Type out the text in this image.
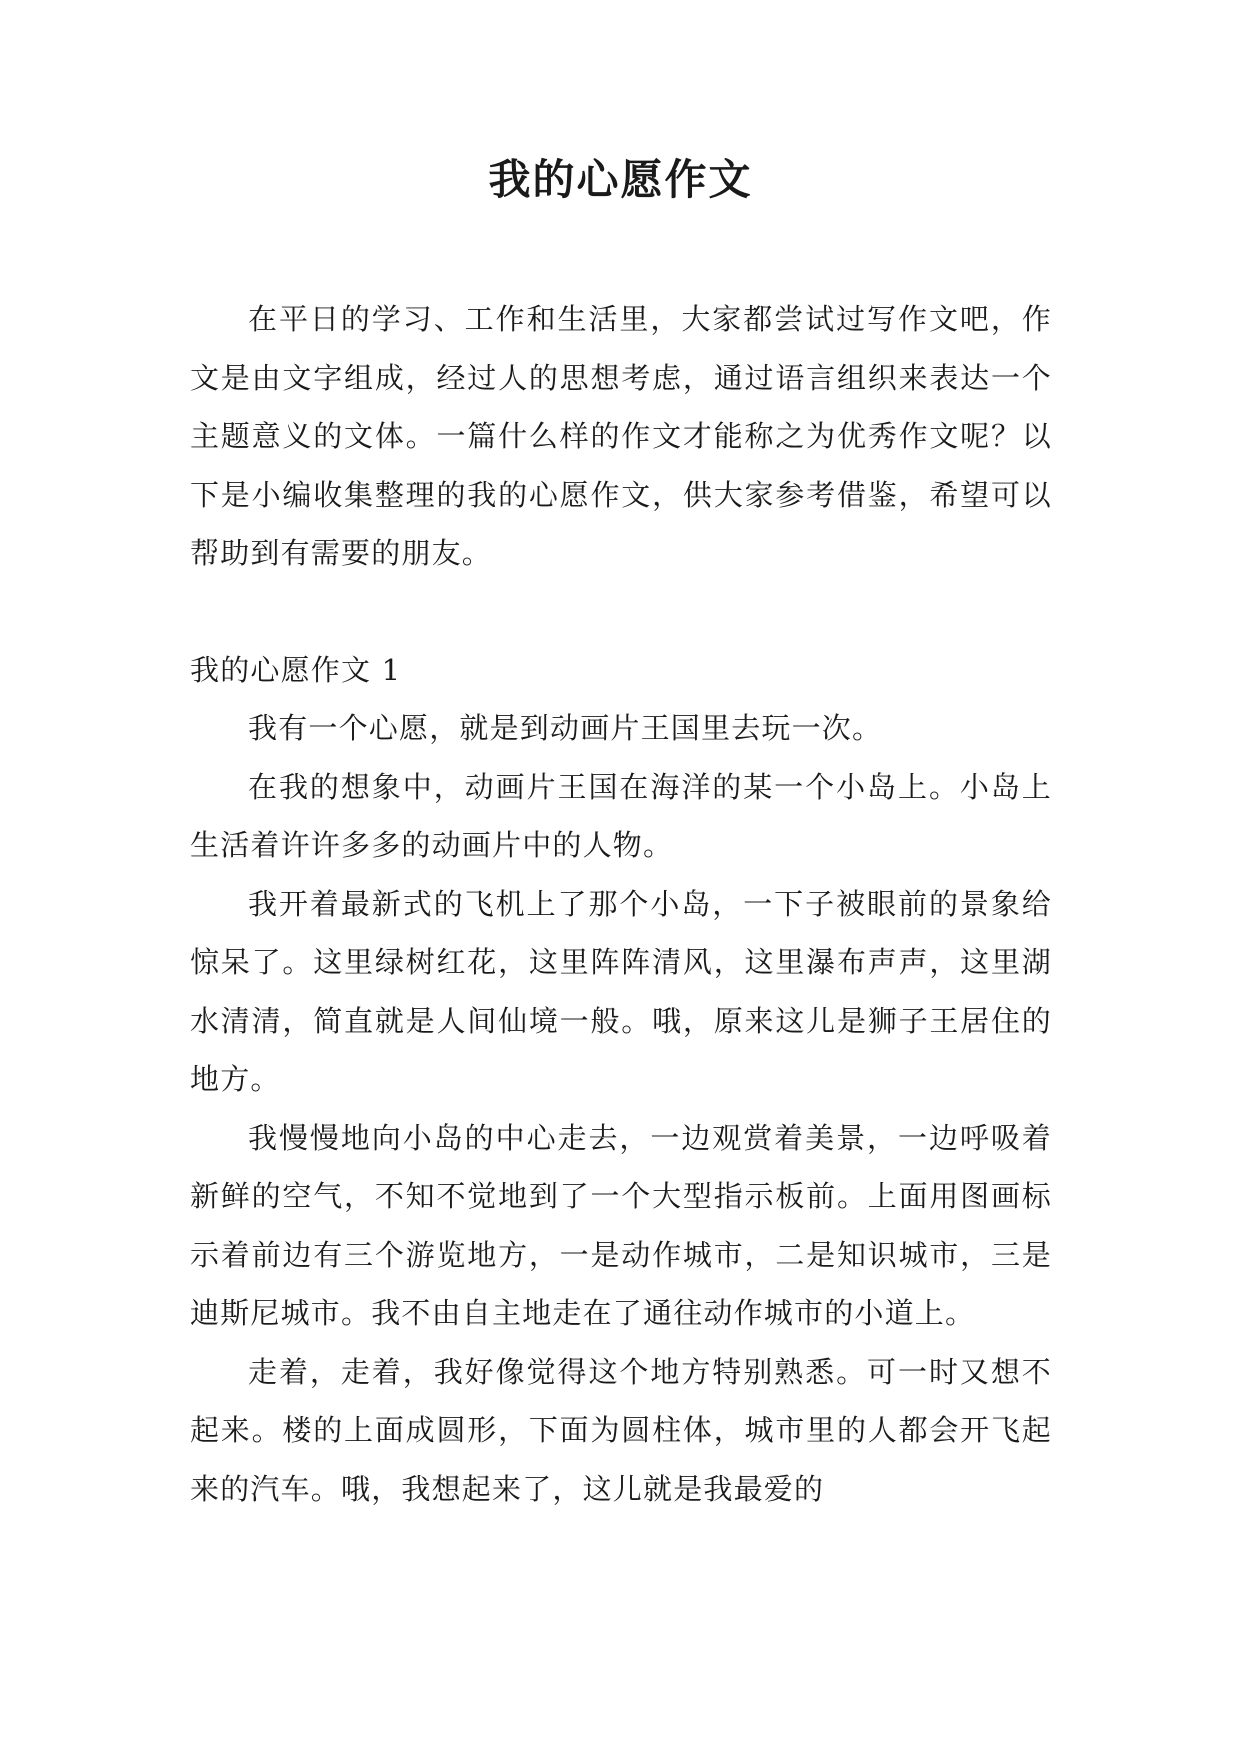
我的心愿作文

在平日的学习、工作和生活里，大家都尝试过写作文吧，作文是由文字组成，经过人的思想考虑，通过语言组织来表达一个主题意义的文体。一篇什么样的作文才能称之为优秀作文呢？以下是小编收集整理的我的心愿作文，供大家参考借鉴，希望可以帮助到有需要的朋友。

我的心愿作文 1

我有一个心愿，就是到动画片王国里去玩一次。

在我的想象中，动画片王国在海洋的某一个小岛上。小岛上生活着许许多多的动画片中的人物。

我开着最新式的飞机上了那个小岛，一下子被眼前的景象给惊呆了。这里绿树红花，这里阵阵清风，这里瀑布声声，这里湖水清清，简直就是人间仙境一般。哦，原来这儿是狮子王居住的地方。

我慢慢地向小岛的中心走去，一边观赏着美景，一边呼吸着新鲜的空气，不知不觉地到了一个大型指示板前。上面用图画标示着前边有三个游览地方，一是动作城市，二是知识城市，三是迪斯尼城市。我不由自主地走在了通往动作城市的小道上。

走着，走着，我好像觉得这个地方特别熟悉。可一时又想不起来。楼的上面成圆形，下面为圆柱体，城市里的人都会开飞起来的汽车。哦，我想起来了，这儿就是我最爱的
